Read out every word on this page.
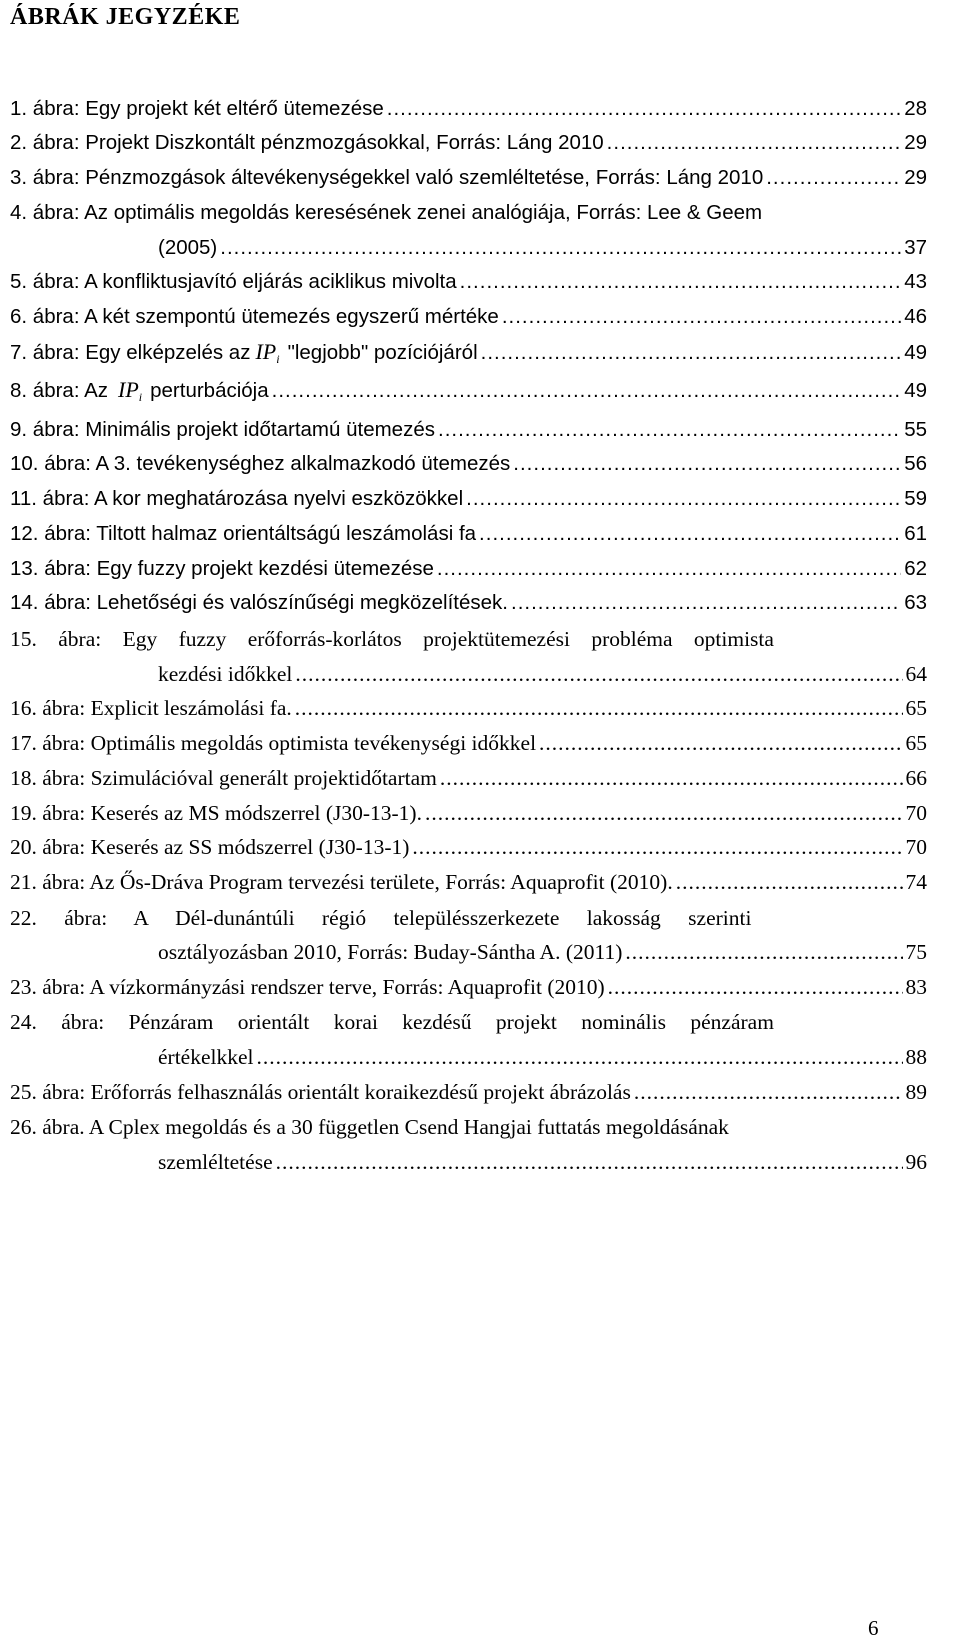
ÁBRÁK JEGYZÉKE
1. ábra: Egy projekt két eltérő ütemezése .....	28
2. ábra: Projekt Diszkontált pénzmozgásokkal, Forrás: Láng 2010 .....	29
3. ábra: Pénzmozgások áltevékenységekkel való szemléltetése, Forrás: Láng 2010 .....	29
4. ábra: Az optimális megoldás keresésének zenei analógiája, Forrás: Lee & Geem
(2005) .....	37
5. ábra: A konfliktusjavító eljárás aciklikus mivolta .....	43
6. ábra: A két szempontú ütemezés egyszerű mértéke .....	46
7. ábra: Egy elképzelés az $IP_i$ "legjobb" pozíciójáról .....	49
8. ábra: Az $IP_i$ perturbációja .....	49
9. ábra: Minimális projekt időtartamú ütemezés .....	55
10. ábra: A 3. tevékenységhez alkalmazkodó ütemezés .....	56
11. ábra: A kor meghatározása nyelvi eszközökkel .....	59
12. ábra: Tiltott halmaz orientáltságú leszámolási fa .....	61
13. ábra: Egy fuzzy projekt kezdési ütemezése .....	62
14. ábra: Lehetőségi és valószínűségi megközelítések. .....	63
15. ábra: Egy fuzzy erőforrás-korlátos projektütemezési probléma optimista
kezdési időkkel .....	64
16. ábra: Explicit leszámolási fa. .....	65
17. ábra: Optimális megoldás optimista tevékenységi időkkel .....	65
18. ábra: Szimulációval generált projektidőtartam .....	66
19. ábra: Keserés az MS módszerrel (J30-13-1). .....	70
20. ábra: Keserés az SS módszerrel (J30-13-1) .....	70
21. ábra: Az Ős-Dráva Program tervezési területe, Forrás: Aquaprofit (2010). .....	74
22. ábra: A Dél-dunántúli régió településszerkezete lakosság szerinti
osztályozásban 2010, Forrás: Buday-Sántha A. (2011) .....	75
23. ábra: A vízkormányzási rendszer terve, Forrás: Aquaprofit (2010) .....	83
24. ábra: Pénzáram orientált korai kezdésű projekt nominális pénzáram
értékelkkel .....	88
25. ábra: Erőforrás felhasználás orientált koraikezdésű projekt ábrázolás .....	89
26. ábra. A Cplex megoldás és a 30 független Csend Hangjai futtatás megoldásának
szemléltetése .....	96
6
